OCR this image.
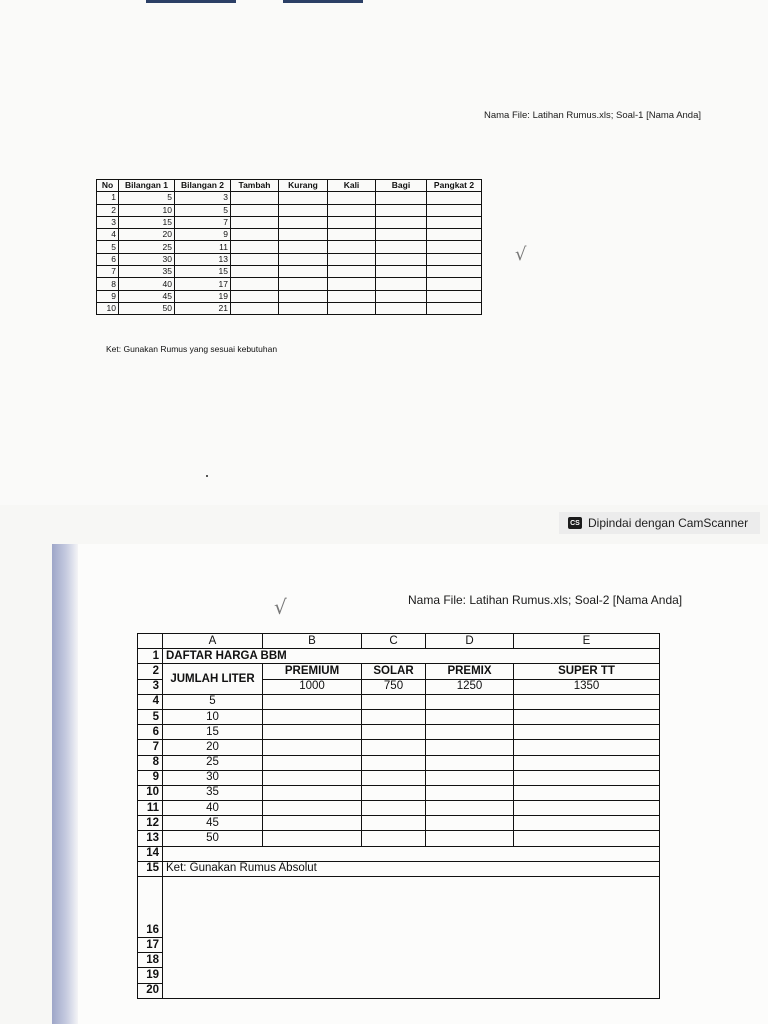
Nama File: Latihan Rumus.xls; Soal-1 [Nama Anda]
√
No	Bilangan 1	Bilangan 2	Tambah	Kurang	Kali	Bagi	Pangkat 2
1	5	3					
2	10	5					
3	15	7					
4	20	9					
5	25	11					
6	30	13					
7	35	15					
8	40	17					
9	45	19					
10	50	21					
Ket: Gunakan Rumus yang sesuai kebutuhan
CS Dipindai dengan CamScanner
Nama File: Latihan Rumus.xls; Soal-2 [Nama Anda]
√
	A	B	C	D	E
1	DAFTAR HARGA BBM				
2	JUMLAH LITER	PREMIUM	SOLAR	PREMIX	SUPER TT
3		1000	750	1250	1350
4	5				
5	10				
6	15				
7	20				
8	25				
9	30				
10	35				
11	40				
12	45				
13	50				
14					
15	Ket: Gunakan Rumus Absolut				
16					
17					
18					
19					
20					
